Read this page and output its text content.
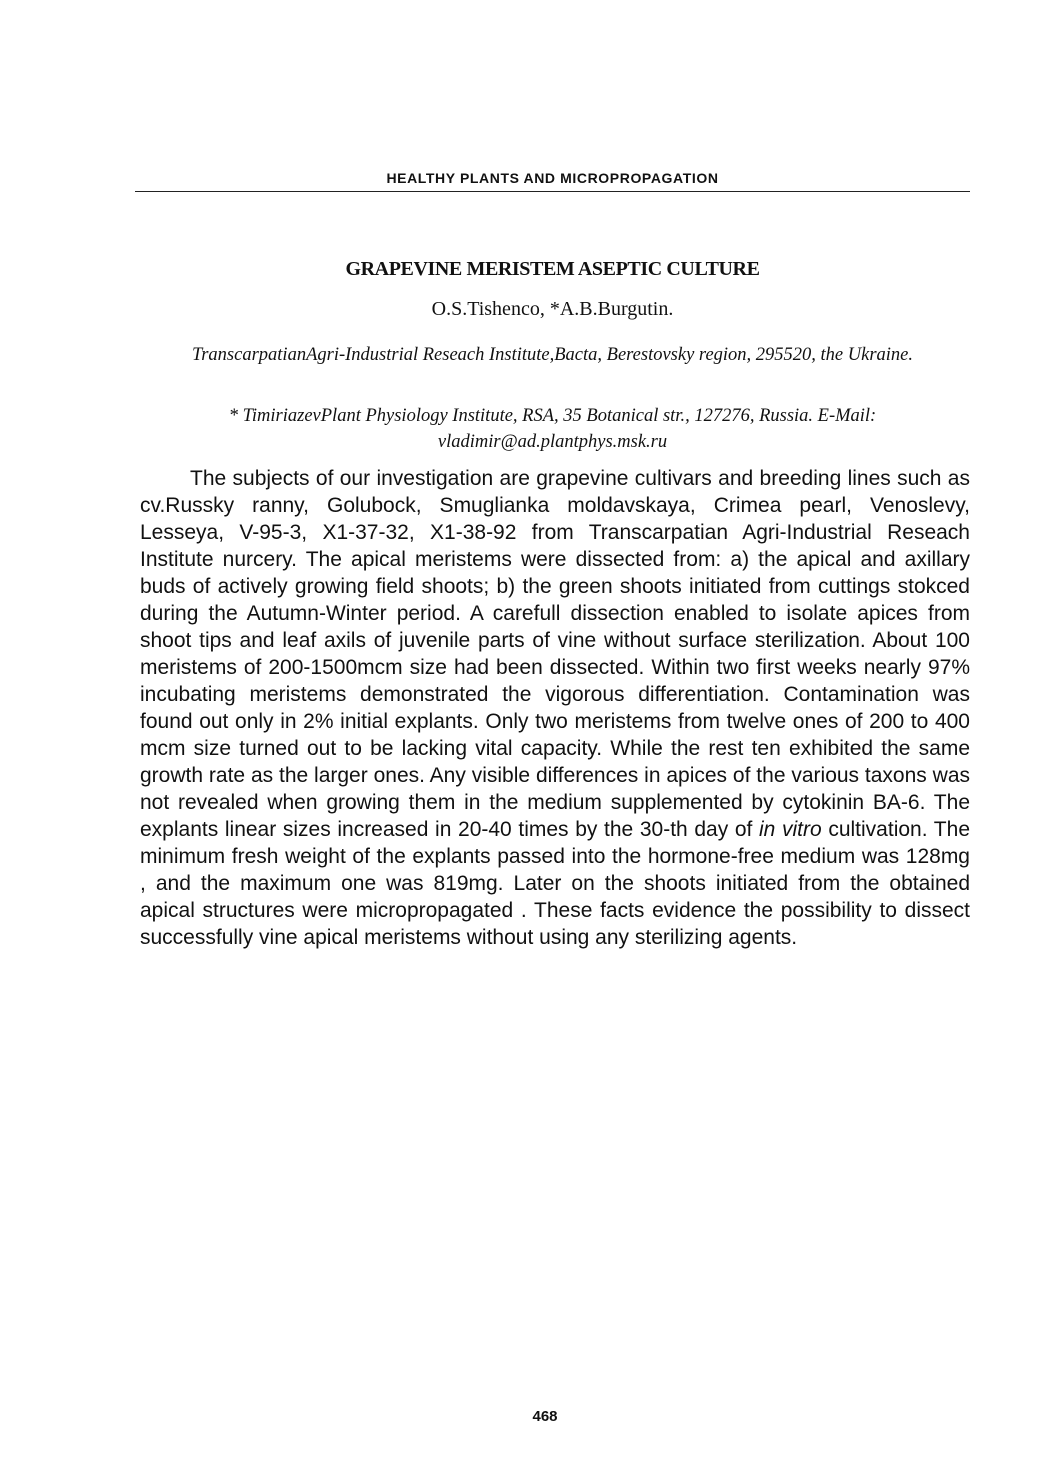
HEALTHY PLANTS AND MICROPROPAGATION
GRAPEVINE MERISTEM ASEPTIC CULTURE
O.S.Tishenco, *A.B.Burgutin.
TranscarpatianAgri-Industrial Reseach Institute,Bacta, Berestovsky region, 295520, the Ukraine.
* TimiriazevPlant Physiology Institute, RSA, 35 Botanical str., 127276, Russia. E-Mail: vladimir@ad.plantphys.msk.ru

The subjects of our investigation are grapevine cultivars and breeding lines such as cv.Russky ranny, Golubock, Smuglianka moldavskaya, Crimea pearl, Venoslevy, Lesseya, V-95-3, X1-37-32, X1-38-92 from Transcarpatian Agri-Industrial Reseach Institute nurcery. The apical meristems were dissected from: a) the apical and axillary buds of actively growing field shoots; b) the green shoots initiated from cuttings stokced during the Autumn-Winter period. A carefull dissection enabled to isolate apices from shoot tips and leaf axils of juvenile parts of vine without surface sterilization. About 100 meristems of 200-1500mcm size had been dissected. Within two first weeks nearly 97% incubating meristems demonstrated the vigorous differentiation. Contamination was found out only in 2% initial explants. Only two meristems from twelve ones of 200 to 400 mcm size turned out to be lacking vital capacity. While the rest ten exhibited the same growth rate as the larger ones. Any visible differences in apices of the various taxons was not revealed when growing them in the medium supplemented by cytokinin BA-6. The explants linear sizes increased in 20-40 times by the 30-th day of in vitro cultivation. The minimum fresh weight of the explants passed into the hormone-free medium was 128mg , and the maximum one was 819mg. Later on the shoots initiated from the obtained apical structures were micropropagated . These facts evidence the possibility to dissect successfully vine apical meristems without using any sterilizing agents.

468
